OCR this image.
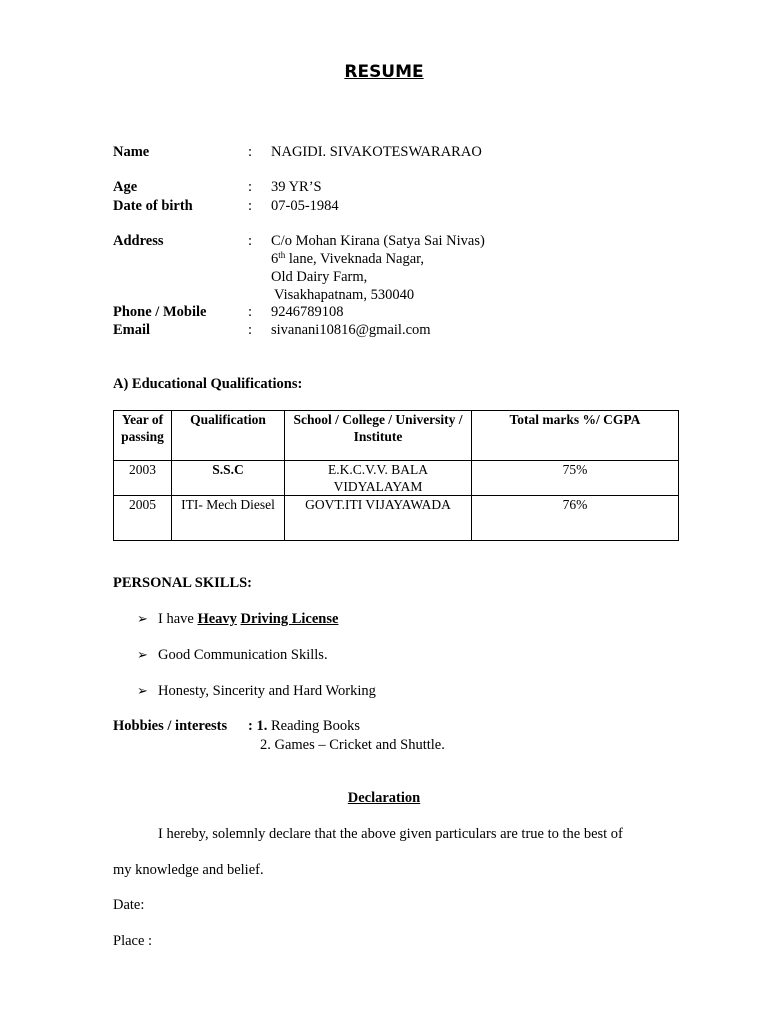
RESUME
Name	: NAGIDI. SIVAKOTESWARARAO
Age	: 39 YR’S
Date of birth	: 07-05-1984
Address	: C/o Mohan Kirana (Satya Sai Nivas)
6th lane, Viveknada Nagar,
Old Dairy Farm,
Visakhapatnam, 530040
Phone / Mobile	: 9246789108
Email	: sivanani10816@gmail.com
A) Educational Qualifications:
Year of passing	Qualification	School / College / University / Institute	Total marks %/ CGPA
2003	S.S.C	E.K.C.V.V. BALA VIDYALAYAM	75%
2005	ITI- Mech Diesel	GOVT.ITI VIJAYAWADA	76%
PERSONAL SKILLS:
➢ I have Heavy Driving License
➢ Good Communication Skills.
➢ Honesty, Sincerity and Hard Working
Hobbies / interests : 1. Reading Books
2. Games – Cricket and Shuttle.
Declaration
I hereby, solemnly declare that the above given particulars are true to the best of
my knowledge and belief.
Date:
Place :
